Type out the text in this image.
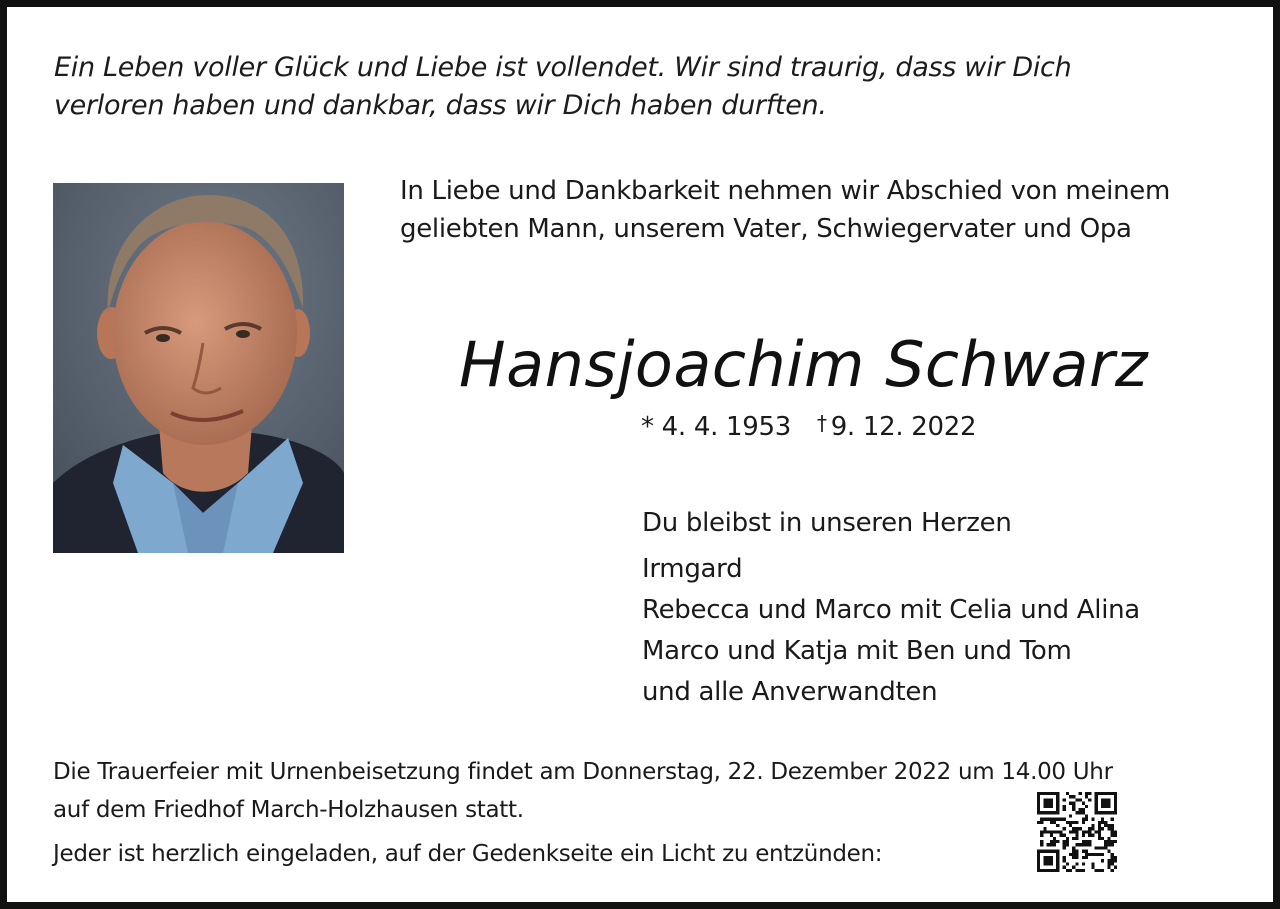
Ein Leben voller Glück und Liebe ist vollendet. Wir sind traurig, dass wir Dich
verloren haben und dankbar, dass wir Dich haben durften.
In Liebe und Dankbarkeit nehmen wir Abschied von meinem
geliebten Mann, unserem Vater, Schwiegervater und Opa
Hansjoachim Schwarz
* 4. 4. 1953 † 9. 12. 2022
Du bleibst in unseren Herzen
Irmgard
Rebecca und Marco mit Celia und Alina
Marco und Katja mit Ben und Tom
und alle Anverwandten
Die Trauerfeier mit Urnenbeisetzung findet am Donnerstag, 22. Dezember 2022 um 14.00 Uhr
auf dem Friedhof March-Holzhausen statt.
Jeder ist herzlich eingeladen, auf der Gedenkseite ein Licht zu entzünden:
